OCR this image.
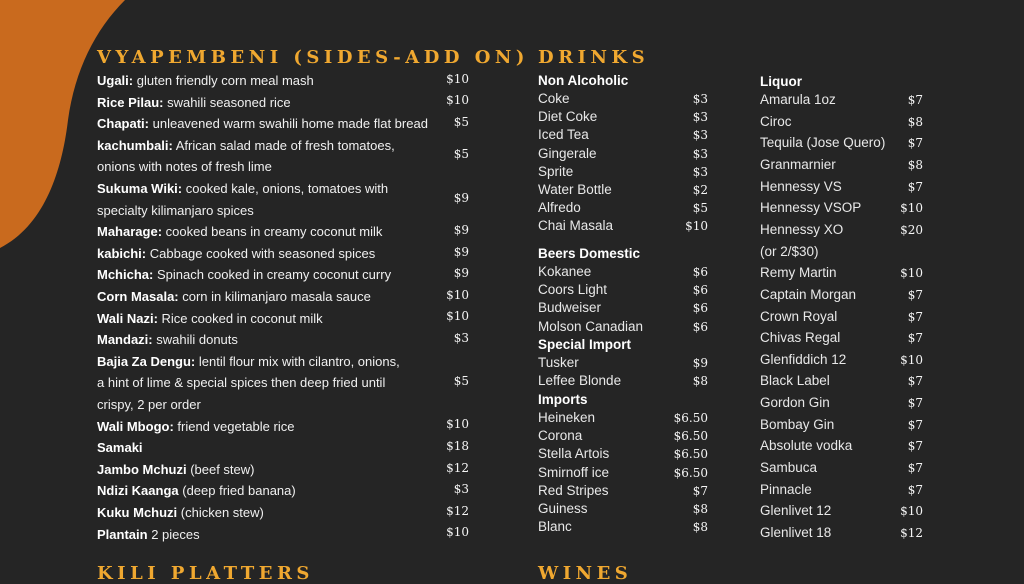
VYAPEMBENI (SIDES-ADD ON)
Ugali: gluten friendly corn meal mash	$10
Rice Pilau: swahili seasoned rice	$10
Chapati: unleavened warm swahili home made flat bread $5
kachumbali: African salad made of fresh tomatoes,
onions with notes of fresh lime
$5
Sukuma Wiki: cooked kale, onions, tomatoes with
specialty kilimanjaro spices
$9
Maharage: cooked beans in creamy coconut milk	$9
kabichi: Cabbage cooked with seasoned spices	$9
Mchicha: Spinach cooked in creamy coconut curry	$9
Corn Masala: corn in kilimanjaro masala sauce	$10
Wali Nazi: Rice cooked in coconut milk	$10
Mandazi: swahili donuts	$3
Bajia Za Dengu: lentil flour mix with cilantro, onions,
a hint of lime & special spices then deep fried until
crispy, 2 per order
$5
Wali Mbogo: friend vegetable rice	$10
Samaki	$18
Jambo Mchuzi (beef stew)	$12
Ndizi Kaanga (deep fried banana)	$3
Kuku Mchuzi (chicken stew)	$12
Plantain 2 pieces	$10
DRINKS
Non Alcoholic
Coke	$3
Diet Coke	$3
Iced Tea	$3
Gingerale	$3
Sprite	$3
Water Bottle	$2
Alfredo	$5
Chai Masala	$10
Beers Domestic
Kokanee	$6
Coors Light	$6
Budweiser	$6
Molson Canadian	$6
Special Import
Tusker	$9
Leffee Blonde	$8
Imports
Heineken	$6.50
Corona	$6.50
Stella Artois	$6.50
Smirnoff ice	$6.50
Red Stripes	$7
Guiness	$8
Blanc	$8
Liquor
Amarula 1oz	$7
Ciroc	$8
Tequila (Jose Quero) $7
Granmarnier	$8
Hennessy VS	$7
Hennessy VSOP	$10
Hennessy XO	$20
(or 2/$30)
Remy Martin	$10
Captain Morgan	$7
Crown Royal	$7
Chivas Regal	$7
Glenfiddich 12	$10
Black Label	$7
Gordon Gin	$7
Bombay Gin	$7
Absolute vodka	$7
Sambuca	$7
Pinnacle	$7
Glenlivet 12	$10
Glenlivet 18	$12
KILI PLATTERS	WINES
